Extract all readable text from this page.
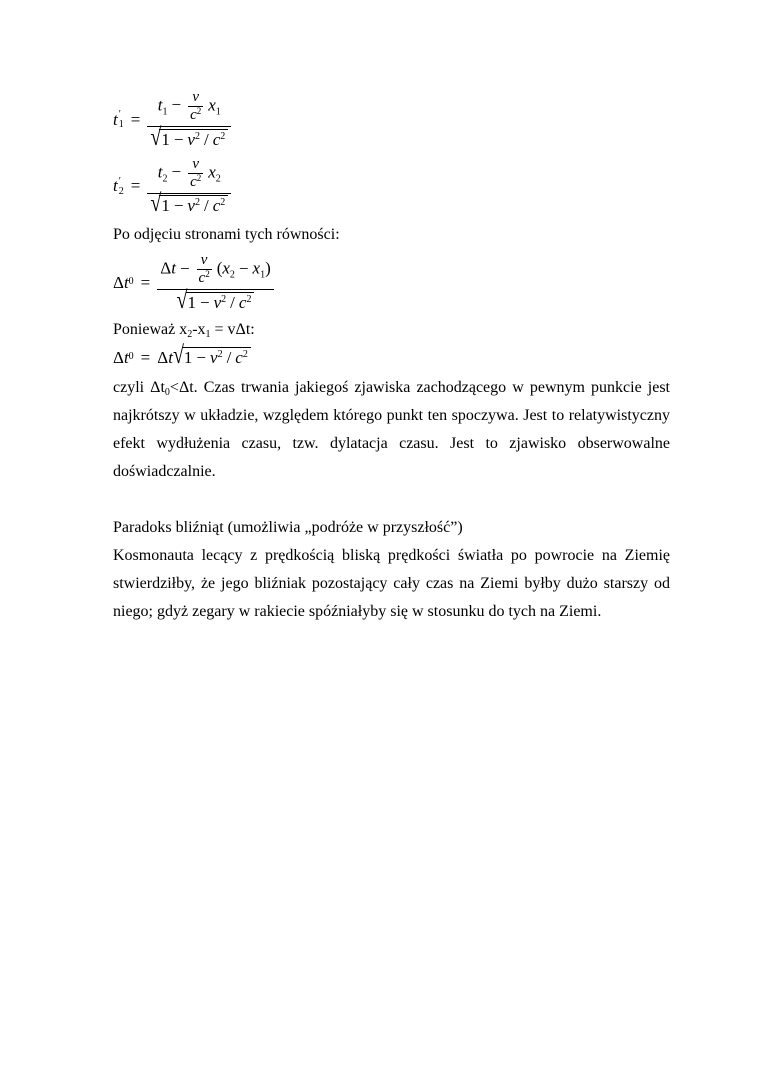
t ′
$1 = \frac{t_1 - \frac{v}{c^2} x_1}{√ 1 - v^2 / c^2}$
t ′
$2 = \frac{t_2 - \frac{v}{c^2} x_2}{√ 1 - v^2 / c^2}$

Po odjęciu stronami tych równości:

Δ t $0 = \frac{\Delta t - \frac{v}{c^2} (x_2 - x_1)}{√ 1 - v^2 / c^2}$

Ponieważ $x_2-x_1 = v\Delta t$:

Δ t 0 = Δ t √ $1 - v^2 / c^2$

czyli $\Delta t_0<\Delta t$. Czas trwania jakiegoś zjawiska zachodzącego w pewnym punkcie jest najkrótszy w układzie, względem którego punkt ten spoczywa. Jest to relatywistyczny efekt wydłużenia czasu, tzw. dylatacja czasu. Jest to zjawisko obserwowalne doświadczalnie.

Paradoks bliźniąt (umożliwia „podróże w przyszłość”)

Kosmonauta lecący z prędkością bliską prędkości światła po powrocie na Ziemię stwierdziłby, że jego bliźniak pozostający cały czas na Ziemi byłby dużo starszy od niego; gdyż zegary w rakiecie spóźniałyby się w stosunku do tych na Ziemi.
